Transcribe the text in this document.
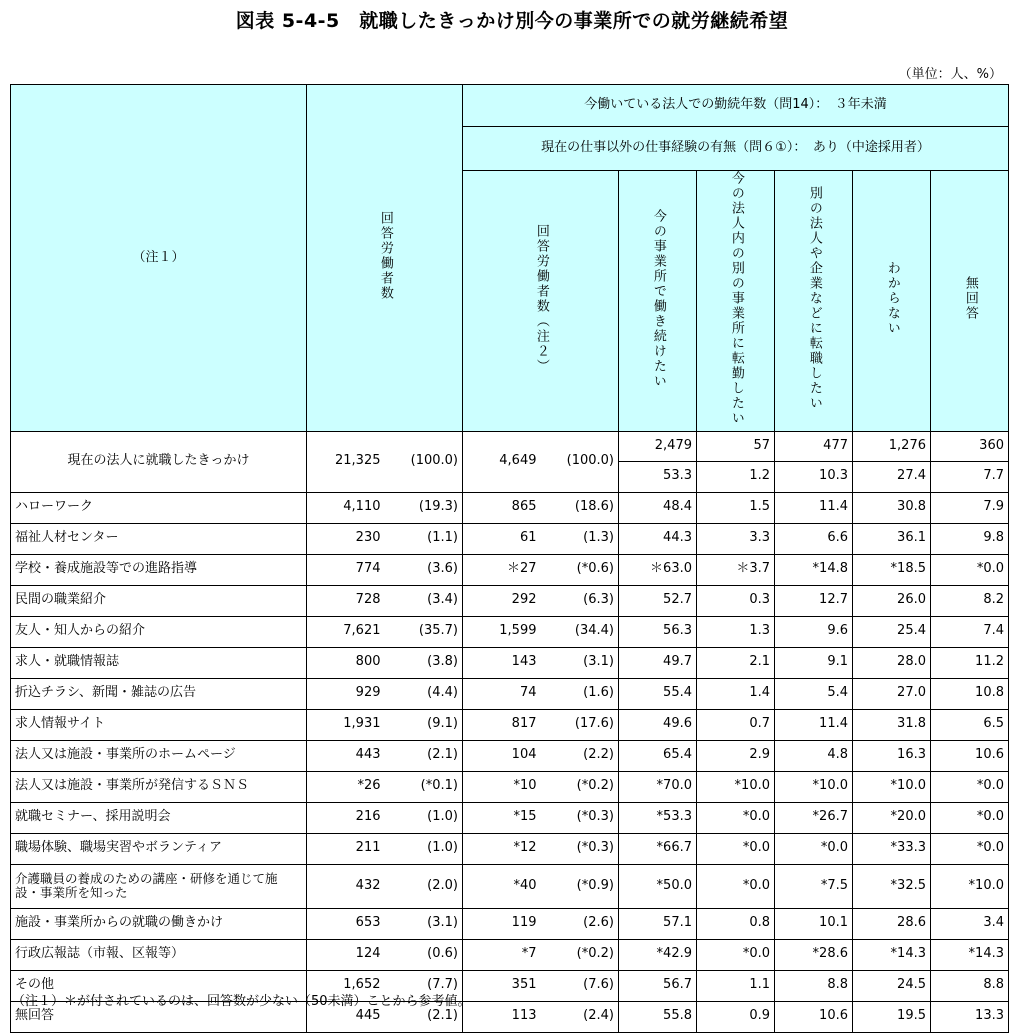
図表 5-4-5　就職したきっかけ別今の事業所での就労継続希望
（単位：人、%）
（注１）	回答労働者数		今働いている法人での勤続年数（問14）：　３年未満						
			現在の仕事以外の仕事経験の有無（問６①）：　あり（中途採用者）						
			回答労働者数（注２）		今の事業所で働き続けたい	今の法人内の別の事業所に転勤したい	別の法人や企業などに転職したい	わからない	無回答
現在の法人に就職したきっかけ	21,325	(100.0)	4,649	(100.0)	2,479	57	477	1,276	360
					53.3	1.2	10.3	27.4	7.7
ハローワーク	4,110	(19.3)	865	(18.6)	48.4	1.5	11.4	30.8	7.9
福祉人材センター	230	(1.1)	61	(1.3)	44.3	3.3	6.6	36.1	9.8
学校・養成施設等での進路指導	774	(3.6)	＊27	(*0.6)	＊63.0	＊3.7	*14.8	*18.5	*0.0
民間の職業紹介	728	(3.4)	292	(6.3)	52.7	0.3	12.7	26.0	8.2
友人・知人からの紹介	7,621	(35.7)	1,599	(34.4)	56.3	1.3	9.6	25.4	7.4
求人・就職情報誌	800	(3.8)	143	(3.1)	49.7	2.1	9.1	28.0	11.2
折込チラシ、新聞・雑誌の広告	929	(4.4)	74	(1.6)	55.4	1.4	5.4	27.0	10.8
求人情報サイト	1,931	(9.1)	817	(17.6)	49.6	0.7	11.4	31.8	6.5
法人又は施設・事業所のホームページ	443	(2.1)	104	(2.2)	65.4	2.9	4.8	16.3	10.6
法人又は施設・事業所が発信するＳＮＳ	*26	(*0.1)	*10	(*0.2)	*70.0	*10.0	*10.0	*10.0	*0.0
就職セミナー、採用説明会	216	(1.0)	*15	(*0.3)	*53.3	*0.0	*26.7	*20.0	*0.0
職場体験、職場実習やボランティア	211	(1.0)	*12	(*0.3)	*66.7	*0.0	*0.0	*33.3	*0.0
介護職員の養成のための講座・研修を通じて施設・事業所を知った	432	(2.0)	*40	(*0.9)	*50.0	*0.0	*7.5	*32.5	*10.0
施設・事業所からの就職の働きかけ	653	(3.1)	119	(2.6)	57.1	0.8	10.1	28.6	3.4
行政広報誌（市報、区報等）	124	(0.6)	*7	(*0.2)	*42.9	*0.0	*28.6	*14.3	*14.3
その他	1,652	(7.7)	351	(7.6)	56.7	1.1	8.8	24.5	8.8
無回答	445	(2.1)	113	(2.4)	55.8	0.9	10.6	19.5	13.3
（注１）＊が付されているのは、回答数が少ない（50未満）ことから参考値。
